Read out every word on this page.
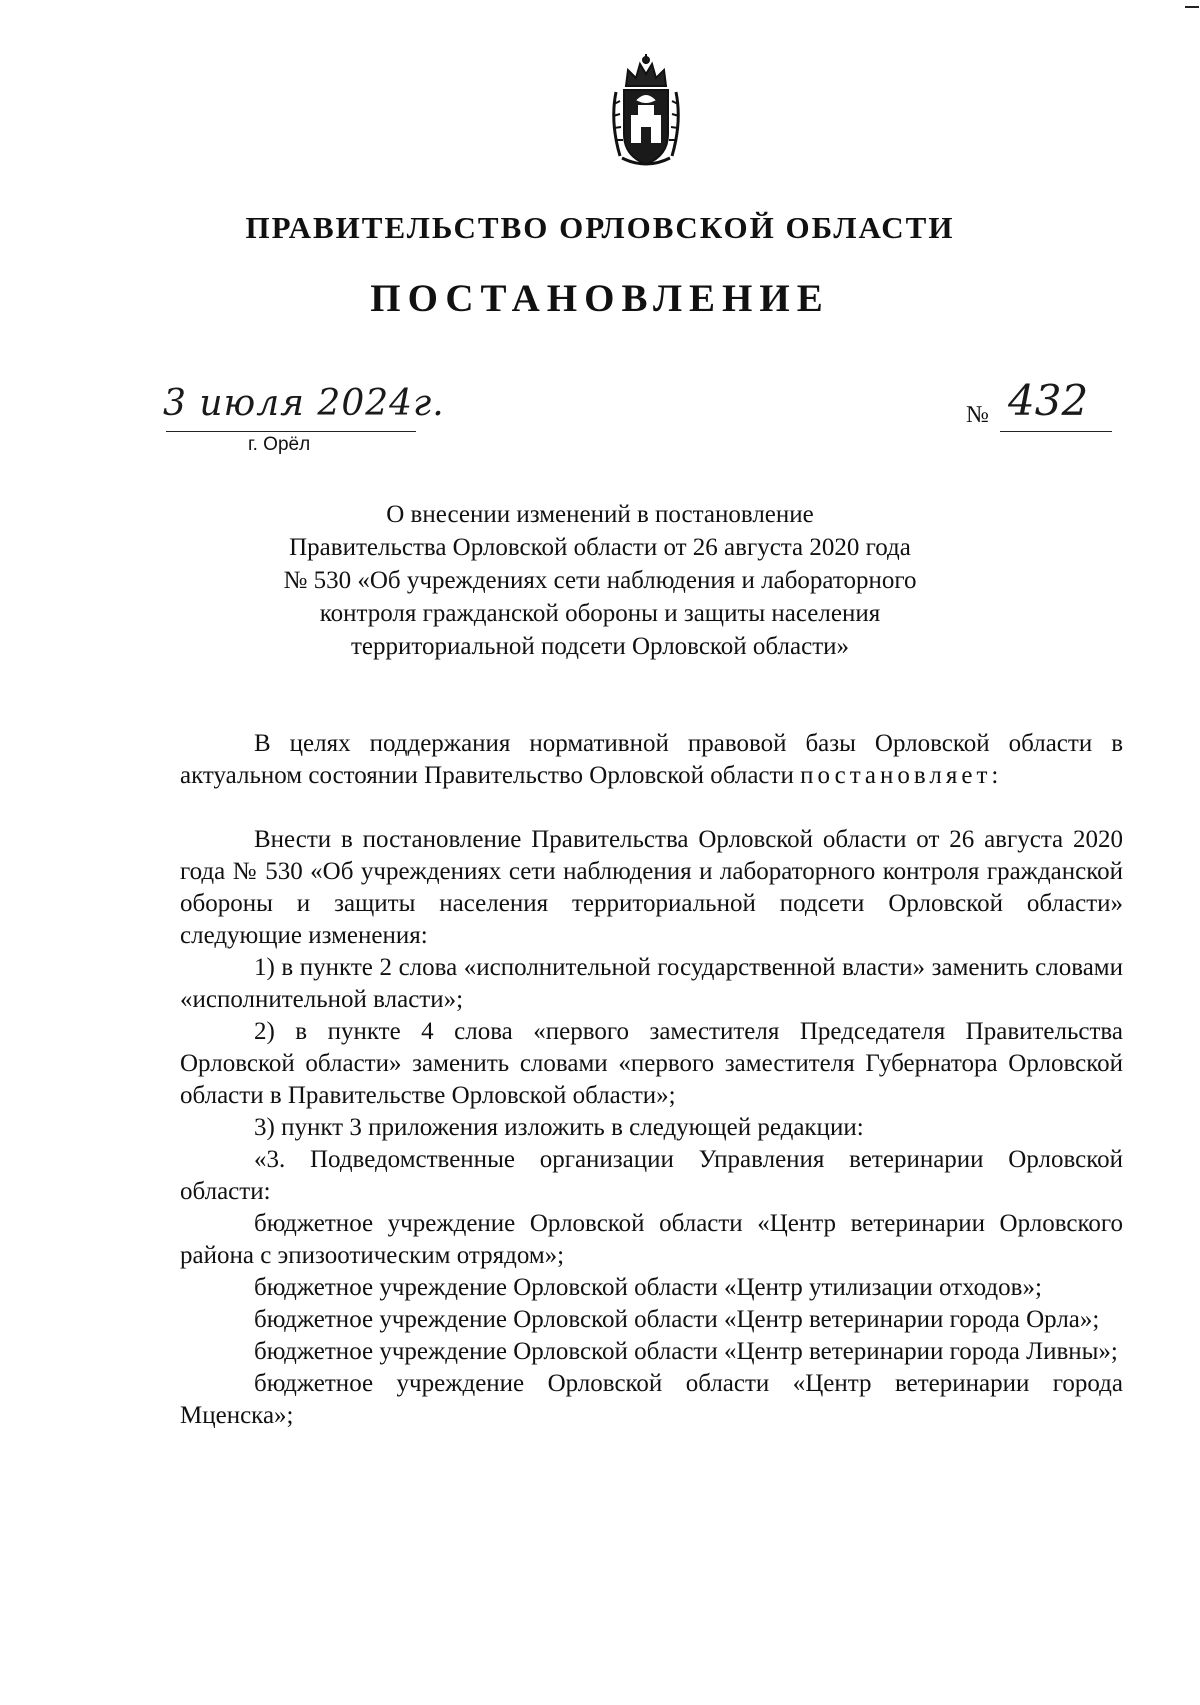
ПРАВИТЕЛЬСТВО ОРЛОВСКОЙ ОБЛАСТИ
ПОСТАНОВЛЕНИЕ
3 июля 2024г.
г. Орёл
№ 432
О внесении изменений в постановление
Правительства Орловской области от 26 августа 2020 года
№ 530 «Об учреждениях сети наблюдения и лабораторного
контроля гражданской обороны и защиты населения
территориальной подсети Орловской области»

В целях поддержания нормативной правовой базы Орловской области в актуальном состоянии Правительство Орловской области постановляет:

Внести в постановление Правительства Орловской области от 26 августа 2020 года № 530 «Об учреждениях сети наблюдения и лабораторного контроля гражданской обороны и защиты населения территориальной подсети Орловской области» следующие изменения:

1) в пункте 2 слова «исполнительной государственной власти» заменить словами «исполнительной власти»;

2) в пункте 4 слова «первого заместителя Председателя Правительства Орловской области» заменить словами «первого заместителя Губернатора Орловской области в Правительстве Орловской области»;

3) пункт 3 приложения изложить в следующей редакции:

«3. Подведомственные организации Управления ветеринарии Орловской области:

бюджетное учреждение Орловской области «Центр ветеринарии Орловского района с эпизоотическим отрядом»;

бюджетное учреждение Орловской области «Центр утилизации отходов»;

бюджетное учреждение Орловской области «Центр ветеринарии города Орла»;

бюджетное учреждение Орловской области «Центр ветеринарии города Ливны»;

бюджетное учреждение Орловской области «Центр ветеринарии города Мценска»;
